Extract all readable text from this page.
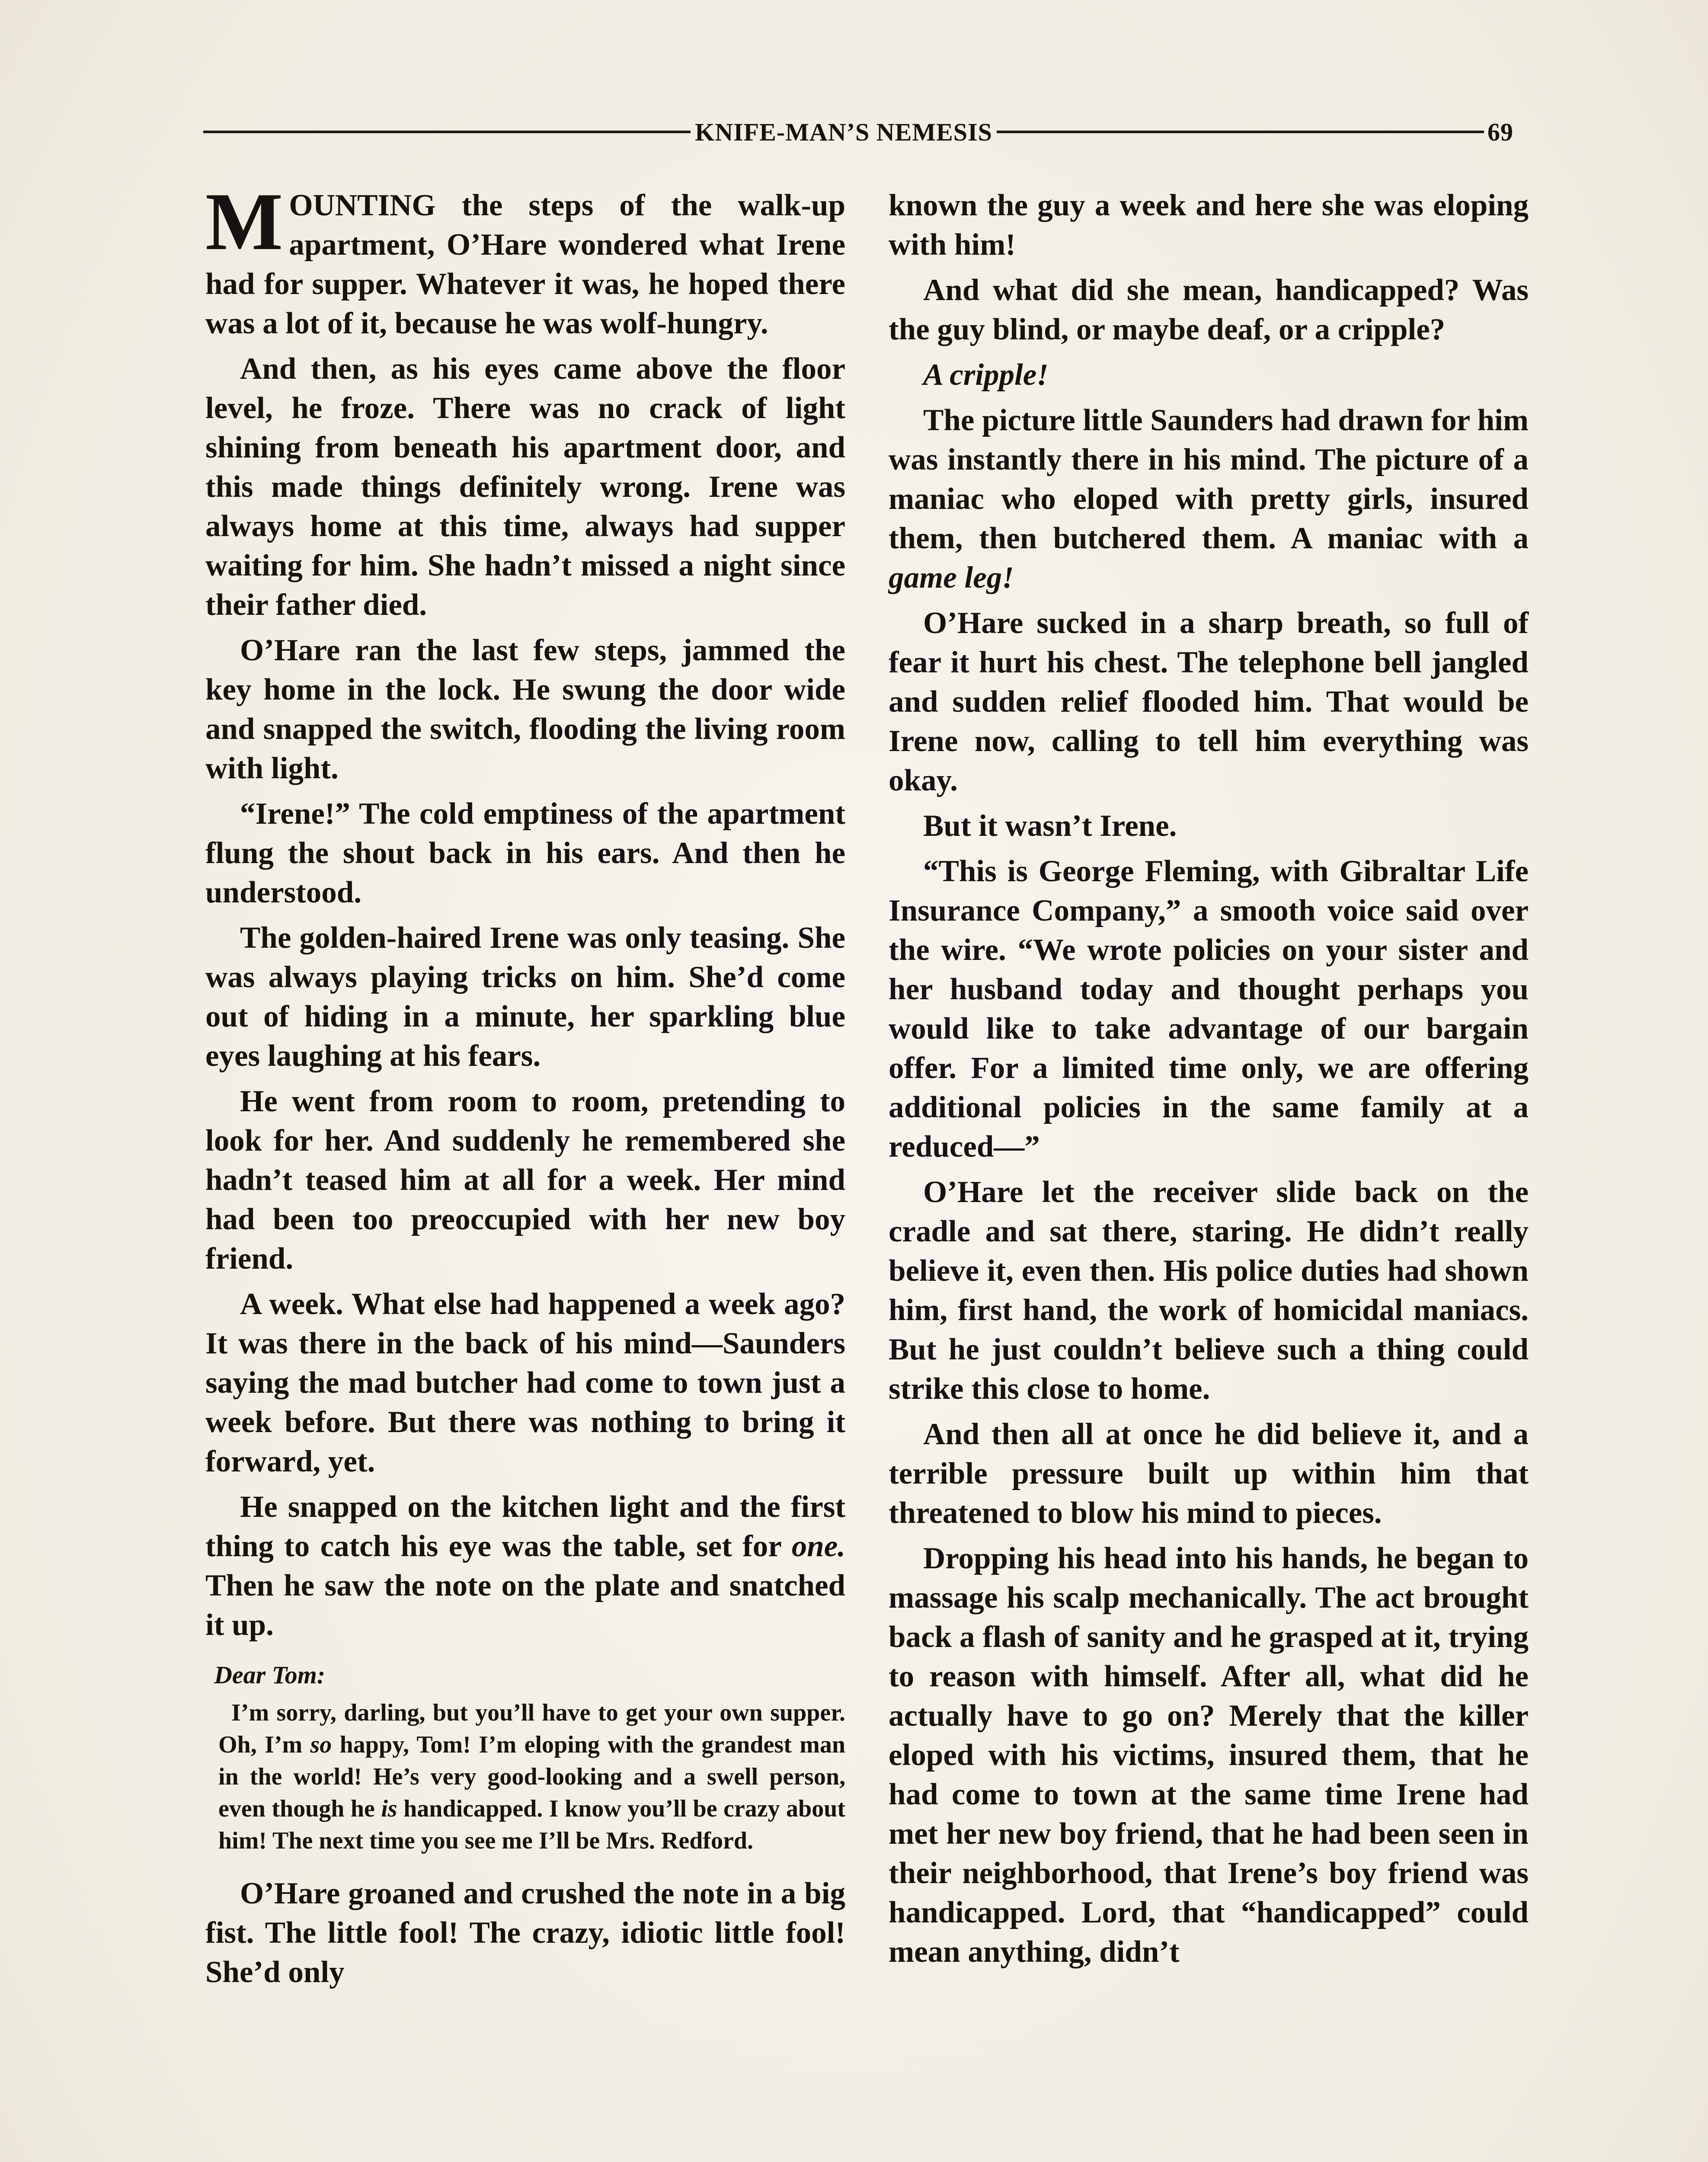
KNIFE-MAN’S NEMESIS	69

MOUNTING the steps of the walk-up apartment, O’Hare wondered what Irene had for supper. Whatever it was, he hoped there was a lot of it, because he was wolf-hungry.

And then, as his eyes came above the floor level, he froze. There was no crack of light shining from beneath his apartment door, and this made things definitely wrong. Irene was always home at this time, always had supper waiting for him. She hadn’t missed a night since their father died.

O’Hare ran the last few steps, jammed the key home in the lock. He swung the door wide and snapped the switch, flooding the living room with light.

“Irene!” The cold emptiness of the apartment flung the shout back in his ears. And then he understood.

The golden-haired Irene was only teasing. She was always playing tricks on him. She’d come out of hiding in a minute, her sparkling blue eyes laughing at his fears.

He went from room to room, pretending to look for her. And suddenly he remembered she hadn’t teased him at all for a week. Her mind had been too preoccupied with her new boy friend.

A week. What else had happened a week ago? It was there in the back of his mind—Saunders saying the mad butcher had come to town just a week before. But there was nothing to bring it forward, yet.

He snapped on the kitchen light and the first thing to catch his eye was the table, set for one. Then he saw the note on the plate and snatched it up.

Dear Tom:

I’m sorry, darling, but you’ll have to get your own supper. Oh, I’m so happy, Tom! I’m eloping with the grandest man in the world! He’s very good-looking and a swell person, even though he is handicapped. I know you’ll be crazy about him! The next time you see me I’ll be Mrs. Redford.

O’Hare groaned and crushed the note in a big fist. The little fool! The crazy, idiotic little fool! She’d only

known the guy a week and here she was eloping with him!

And what did she mean, handicapped? Was the guy blind, or maybe deaf, or a cripple?

A cripple!

The picture little Saunders had drawn for him was instantly there in his mind. The picture of a maniac who eloped with pretty girls, insured them, then butchered them. A maniac with a game leg!

O’Hare sucked in a sharp breath, so full of fear it hurt his chest. The telephone bell jangled and sudden relief flooded him. That would be Irene now, calling to tell him everything was okay.

But it wasn’t Irene.

“This is George Fleming, with Gibraltar Life Insurance Company,” a smooth voice said over the wire. “We wrote policies on your sister and her husband today and thought perhaps you would like to take advantage of our bargain offer. For a limited time only, we are offering additional policies in the same family at a reduced—”

O’Hare let the receiver slide back on the cradle and sat there, staring. He didn’t really believe it, even then. His police duties had shown him, first hand, the work of homicidal maniacs. But he just couldn’t believe such a thing could strike this close to home.

And then all at once he did believe it, and a terrible pressure built up within him that threatened to blow his mind to pieces.

Dropping his head into his hands, he began to massage his scalp mechanically. The act brought back a flash of sanity and he grasped at it, trying to reason with himself. After all, what did he actually have to go on? Merely that the killer eloped with his victims, insured them, that he had come to town at the same time Irene had met her new boy friend, that he had been seen in their neighborhood, that Irene’s boy friend was handicapped. Lord, that “handicapped” could mean anything, didn’t
